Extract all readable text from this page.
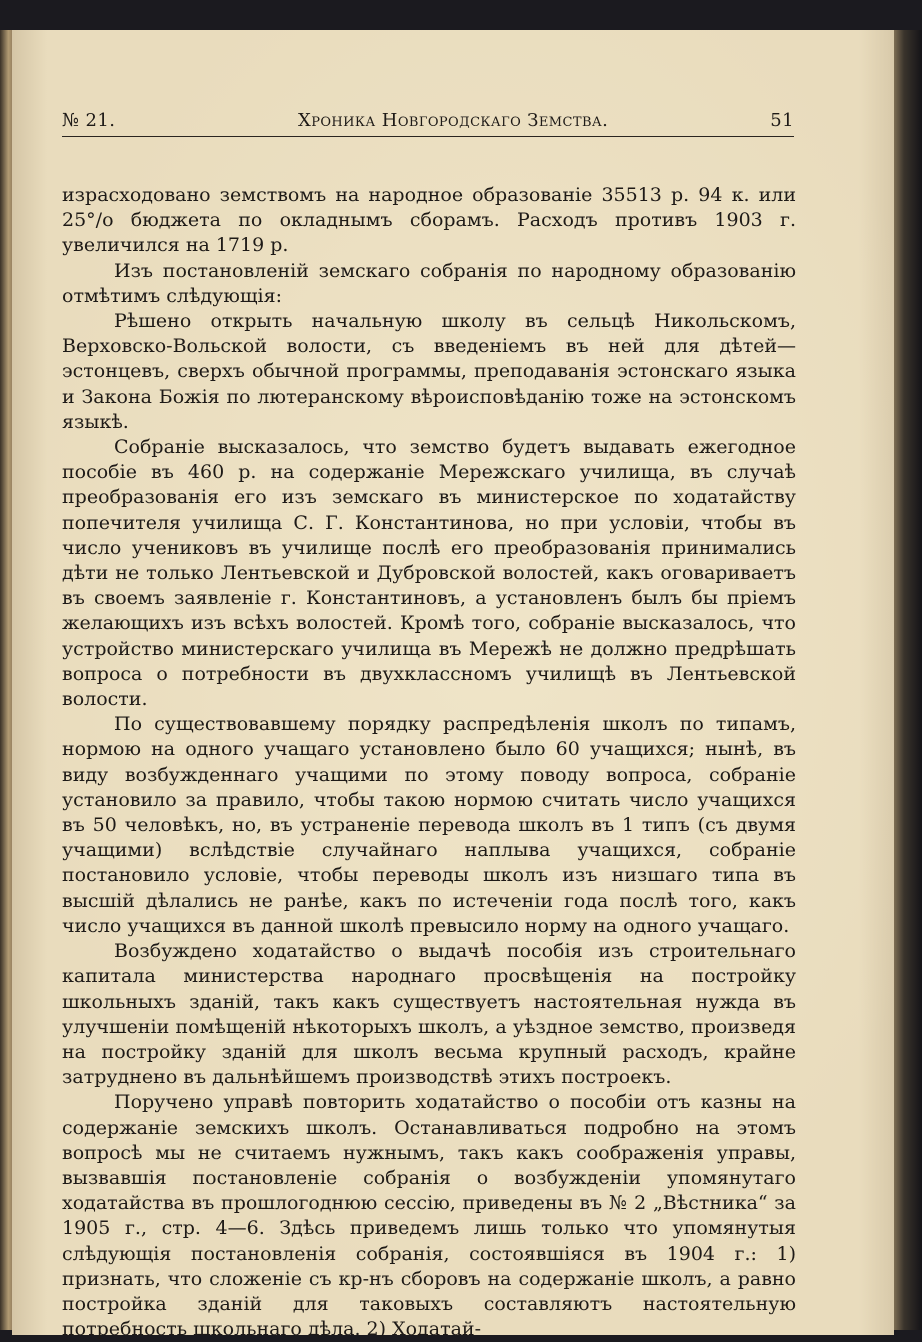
№ 21.	Хроника Новгородскаго Земства.	51

израсходовано земствомъ на народное образованіе 35513 р. 94 к. или 25°/о бюджета по окладнымъ сборамъ. Расходъ противъ 1903 г. увеличился на 1719 р.

Изъ постановленій земскаго собранія по народному образованію отмѣтимъ слѣдующія:

Рѣшено открыть начальную школу въ сельцѣ Никольскомъ, Верховско-Вольской волости, съ введеніемъ въ ней для дѣтей—эстонцевъ, сверхъ обычной программы, преподаванія эстонскаго языка и Закона Божія по лютеранскому вѣроисповѣданію тоже на эстонскомъ языкѣ.

Собраніе высказалось, что земство будетъ выдавать ежегодное пособіе въ 460 р. на содержаніе Мережскаго училища, въ случаѣ преобразованія его изъ земскаго въ министерское по ходатайству попечителя училища С. Г. Константинова, но при условіи, чтобы въ число учениковъ въ училище послѣ его преобразованія принимались дѣти не только Лентьевской и Дубровской волостей, какъ оговариваетъ въ своемъ заявленіе г. Константиновъ, а установленъ былъ бы пріемъ желающихъ изъ всѣхъ волостей. Кромѣ того, собраніе высказалось, что устройство министерскаго училища въ Мережѣ не должно предрѣшать вопроса о потребности въ двухклассномъ училищѣ въ Лентьевской волости.

По существовавшему порядку распредѣленія школъ по типамъ, нормою на одного учащаго установлено было 60 учащихся; нынѣ, въ виду возбужденнаго учащими по этому поводу вопроса, собраніе установило за правило, чтобы такою нормою считать число учащихся въ 50 человѣкъ, но, въ устраненіе перевода школъ въ 1 типъ (съ двумя учащими) вслѣдствіе случайнаго наплыва учащихся, собраніе постановило условіе, чтобы переводы школъ изъ низшаго типа въ высшій дѣлались не ранѣе, какъ по истеченіи года послѣ того, какъ число учащихся въ данной школѣ превысило норму на одного учащаго.

Возбуждено ходатайство о выдачѣ пособія изъ строительнаго капитала министерства народнаго просвѣщенія на постройку школьныхъ зданій, такъ какъ существуетъ настоятельная нужда въ улучшеніи помѣщеній нѣкоторыхъ школъ, а уѣздное земство, произведя на постройку зданій для школъ весьма крупный расходъ, крайне затруднено въ дальнѣйшемъ производствѣ этихъ построекъ.

Поручено управѣ повторить ходатайство о пособіи отъ казны на содержаніе земскихъ школъ. Останавливаться подробно на этомъ вопросѣ мы не считаемъ нужнымъ, такъ какъ соображенія управы, вызвавшія постановленіе собранія о возбужденіи упомянутаго ходатайства въ прошлогоднюю сессію, приведены въ № 2 „Вѣстника“ за 1905 г., стр. 4—6. Здѣсь приведемъ лишь только что упомянутыя слѣдующія постановленія собранія, состоявшіяся въ 1904 г.: 1) признать, что сложеніе съ кр-нъ сборовъ на содержаніе школъ, а равно постройка зданій для таковыхъ составляютъ настоятельную потребность школьнаго дѣла. 2) Ходатай-
